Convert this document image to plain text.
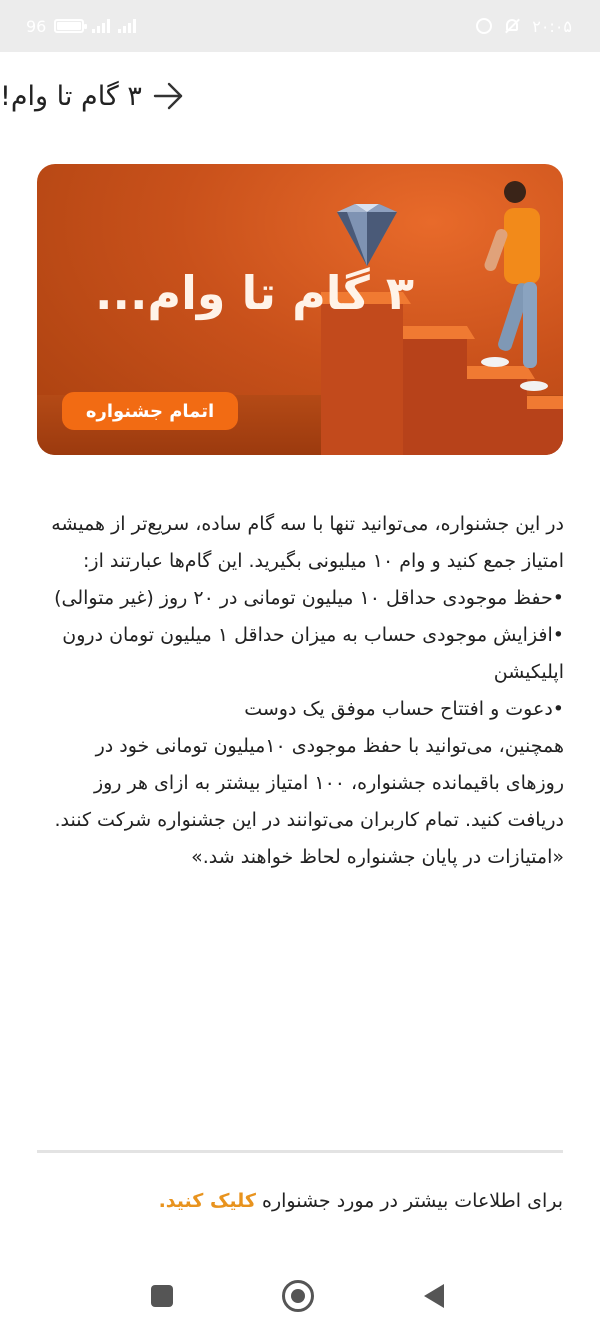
96	۲۰:۰۵
۳ گام تا وام!
۳ گام تا وام...
اتمام جشنواره

در این جشنواره، می‌توانید تنها با سه گام ساده، سریع‌تر از همیشه امتیاز جمع کنید و وام ۱۰ میلیونی بگیرید. این گام‌ها عبارتند از:

•حفظ موجودی حداقل ۱۰ میلیون تومانی در ۲۰ روز (غیر متوالی)

•افزایش موجودی حساب به میزان حداقل ۱ میلیون تومان درون اپلیکیشن

•دعوت و افتتاح حساب موفق یک دوست

همچنین، می‌توانید با حفظ موجودی ۱۰میلیون تومانی خود در روزهای باقیمانده جشنواره، ۱۰۰ امتیاز بیشتر به ازای هر روز دریافت کنید. تمام کاربران می‌توانند در این جشنواره شرکت کنند.

«امتیازات در پایان جشنواره لحاظ خواهند شد.»

برای اطلاعات بیشتر در مورد جشنواره کلیک کنید.
